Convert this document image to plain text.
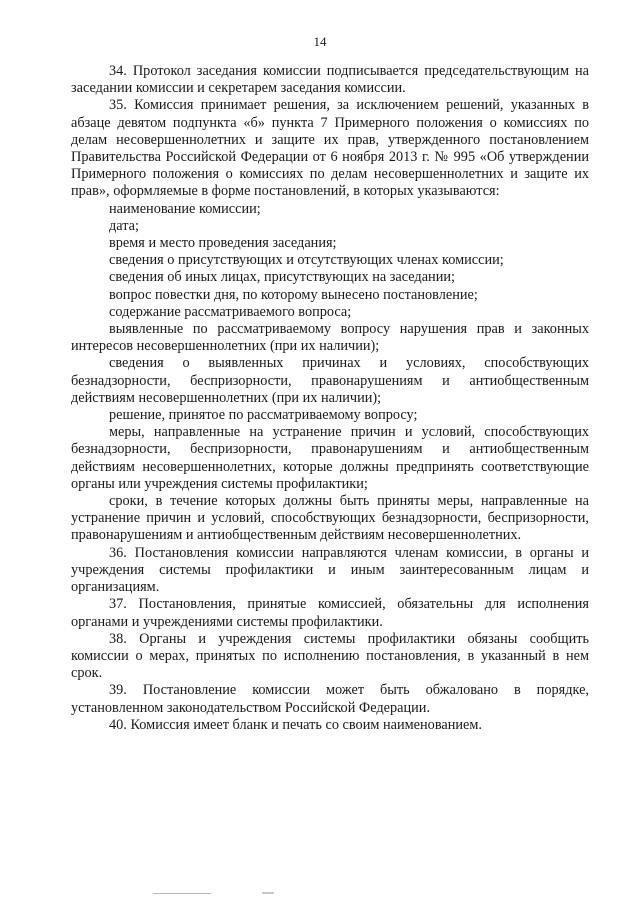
14

34. Протокол заседания комиссии подписывается председательствующим на заседании комиссии и секретарем заседания комиссии.

35. Комиссия принимает решения, за исключением решений, указанных в абзаце девятом подпункта «б» пункта 7 Примерного положения о комиссиях по делам несовершеннолетних и защите их прав, утвержденного постановлением Правительства Российской Федерации от 6 ноября 2013 г. № 995 «Об утверждении Примерного положения о комиссиях по делам несовершеннолетних и защите их прав», оформляемые в форме постановлений, в которых указываются:

наименование комиссии;

дата;

время и место проведения заседания;

сведения о присутствующих и отсутствующих членах комиссии;

сведения об иных лицах, присутствующих на заседании;

вопрос повестки дня, по которому вынесено постановление;

содержание рассматриваемого вопроса;

выявленные по рассматриваемому вопросу нарушения прав и законных интересов несовершеннолетних (при их наличии);

сведения о выявленных причинах и условиях, способствующих безнадзорности, беспризорности, правонарушениям и антиобщественным действиям несовершеннолетних (при их наличии);

решение, принятое по рассматриваемому вопросу;

меры, направленные на устранение причин и условий, способствующих безнадзорности, беспризорности, правонарушениям и антиобщественным действиям несовершеннолетних, которые должны предпринять соответствующие органы или учреждения системы профилактики;

сроки, в течение которых должны быть приняты меры, направленные на устранение причин и условий, способствующих безнадзорности, беспризорности, правонарушениям и антиобщественным действиям несовершеннолетних.

36. Постановления комиссии направляются членам комиссии, в органы и учреждения системы профилактики и иным заинтересованным лицам и организациям.

37. Постановления, принятые комиссией, обязательны для исполнения органами и учреждениями системы профилактики.

38. Органы и учреждения системы профилактики обязаны сообщить комиссии о мерах, принятых по исполнению постановления, в указанный в нем срок.

39. Постановление комиссии может быть обжаловано в порядке, установленном законодательством Российской Федерации.

40. Комиссия имеет бланк и печать со своим наименованием.
